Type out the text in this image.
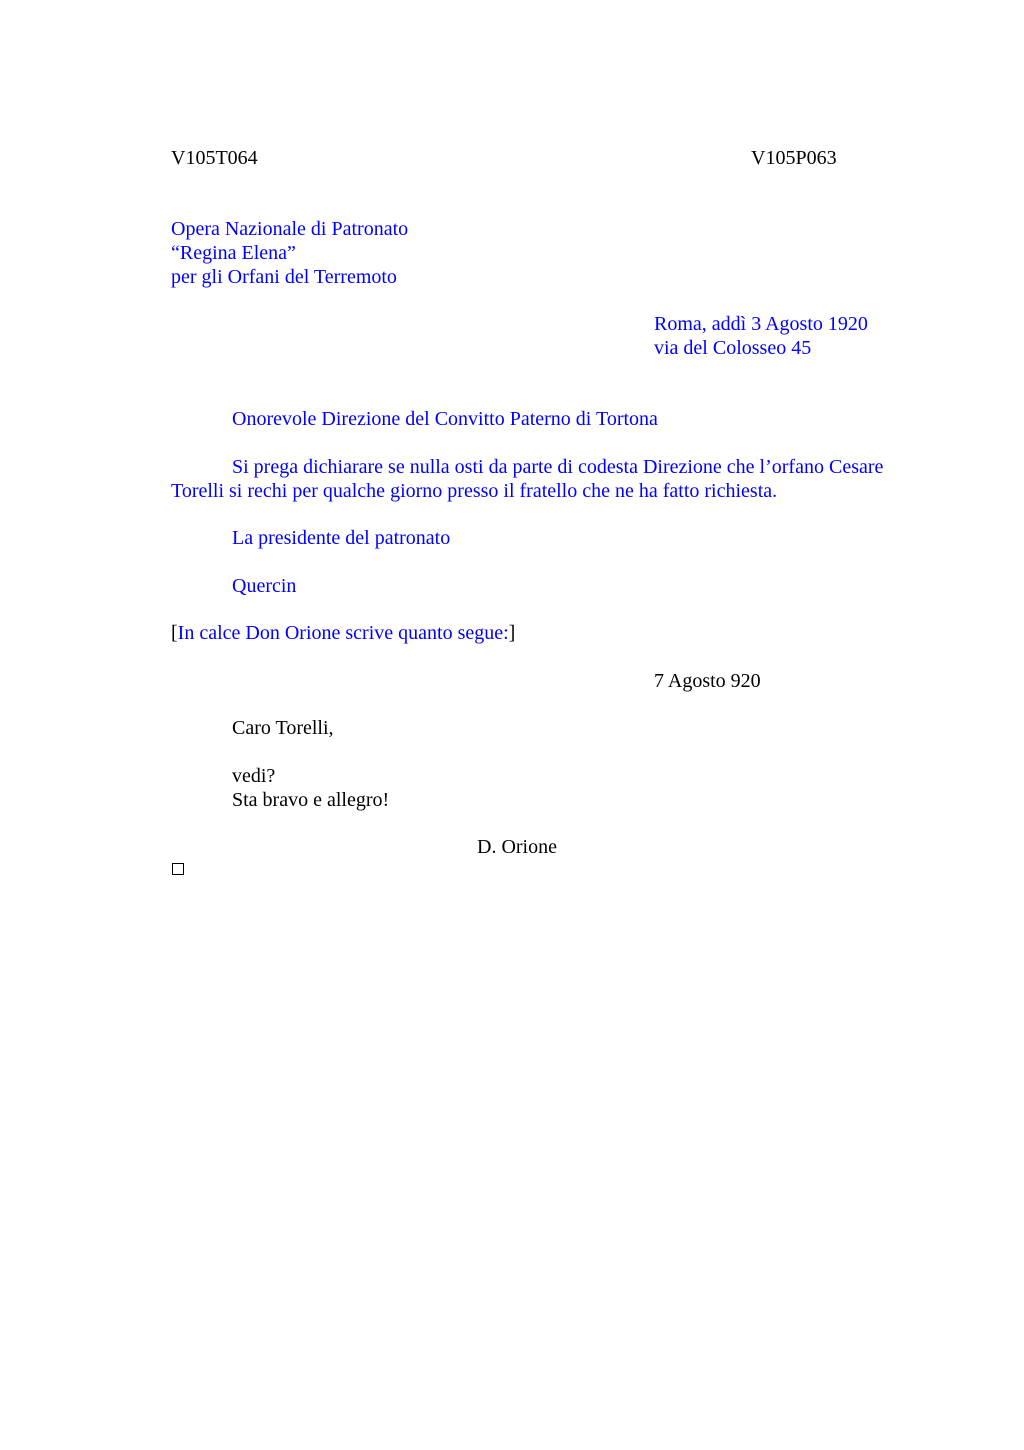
V105T064	V105P063
Opera Nazionale di Patronato
“Regina Elena”
per gli Orfani del Terremoto
Roma, addì 3 Agosto 1920
via del Colosseo 45
Onorevole Direzione del Convitto Paterno di Tortona
Si prega dichiarare se nulla osti da parte di codesta Direzione che l’orfano Cesare
Torelli si rechi per qualche giorno presso il fratello che ne ha fatto richiesta.
La presidente del patronato
Quercin
[In calce Don Orione scrive quanto segue:]
7 Agosto 920
Caro Torelli,
vedi?
Sta bravo e allegro!
D. Orione
